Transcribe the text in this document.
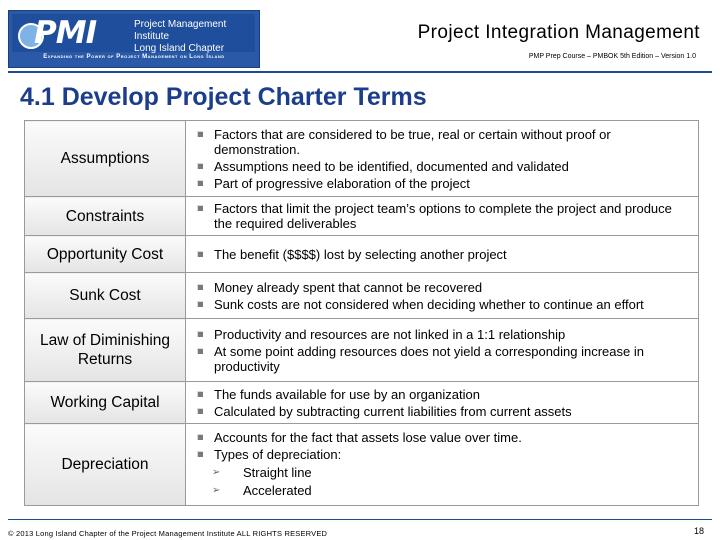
PMI	Project Management Institute
Long Island Chapter
Expanding the Power of Project Management on Long Island
Project Integration Management
PMP Prep Course – PMBOK 5th Edition – Version 1.0
4.1 Develop Project Charter Terms
Assumptions	Factors that are considered to be true, real or certain without proof or demonstration.
Assumptions need to be identified, documented and validated
Part of progressive elaboration of the project

Constraints	Factors that limit the project team’s options to complete the project and produce the required deliverables

Opportunity Cost	The benefit ($$$$) lost by selecting another project

Sunk Cost	Money already spent that cannot be recovered
Sunk costs are not considered when deciding whether to continue an effort

Law of Diminishing Returns	Productivity and resources are not linked in a 1:1 relationship
At some point adding resources does not yield a corresponding increase in productivity

Working Capital	The funds available for use by an organization
Calculated by subtracting current liabilities from current assets

Depreciation	Accounts for the fact that assets lose value over time.
Types of depreciation:
➢ Straight line
➢ Accelerated
© 2013 Long Island Chapter of the Project Management Institute ALL RIGHTS RESERVED	18
